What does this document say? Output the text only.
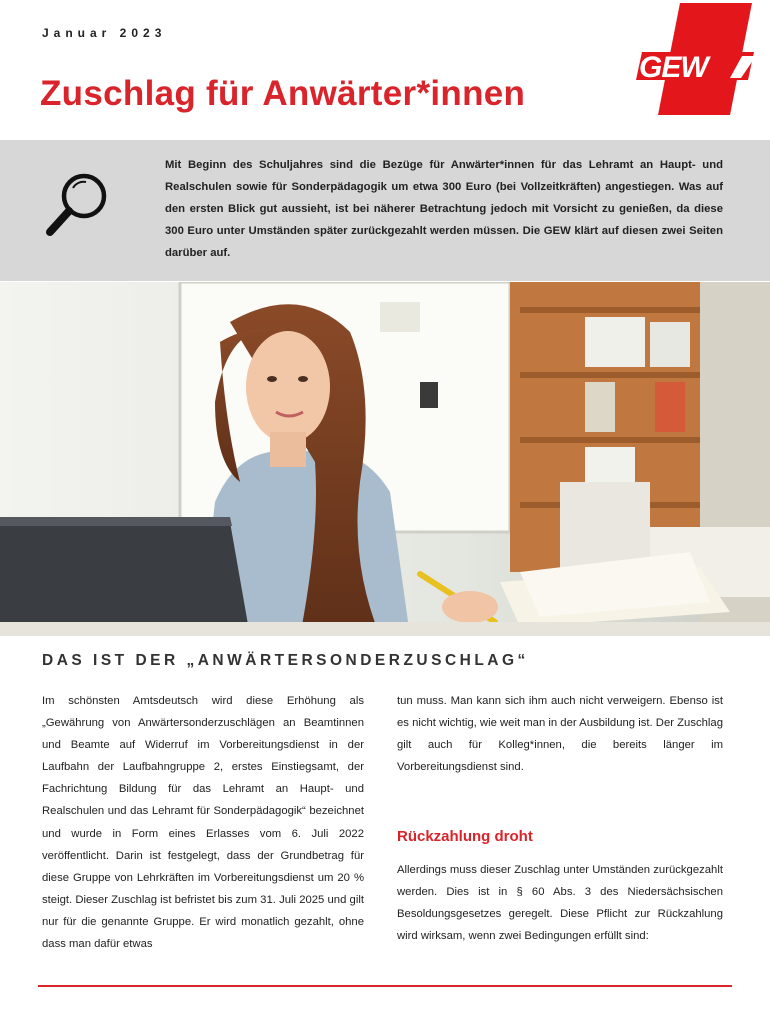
Januar 2023
Zuschlag für Anwärter*innen
GEW

Mit Beginn des Schuljahres sind die Bezüge für Anwärter*innen für das Lehramt an Haupt- und Realschulen sowie für Sonderpädagogik um etwa 300 Euro (bei Vollzeitkräften) angestiegen. Was auf den ersten Blick gut aussieht, ist bei näherer Betrachtung jedoch mit Vorsicht zu genießen, da diese 300 Euro unter Umständen später zurückgezahlt werden müssen. Die GEW klärt auf diesen zwei Seiten darüber auf.

DAS IST DER „ANWÄRTERSONDERZUSCHLAG“

Im schönsten Amtsdeutsch wird diese Erhöhung als „Gewährung von Anwärtersonderzuschlägen an Beamtinnen und Beamte auf Widerruf im Vorbereitungsdienst in der Laufbahn der Laufbahngruppe 2, erstes Einstiegsamt, der Fachrichtung Bildung für das Lehramt an Haupt- und Realschulen und das Lehramt für Sonderpädagogik“ bezeichnet und wurde in Form eines Erlasses vom 6. Juli 2022 veröffentlicht. Darin ist festgelegt, dass der Grundbetrag für diese Gruppe von Lehrkräften im Vorbereitungsdienst um 20 % steigt. Dieser Zuschlag ist befristet bis zum 31. Juli 2025 und gilt nur für die genannte Gruppe. Er wird monatlich gezahlt, ohne dass man dafür etwas

tun muss. Man kann sich ihm auch nicht verweigern. Ebenso ist es nicht wichtig, wie weit man in der Ausbildung ist. Der Zuschlag gilt auch für Kolleg*innen, die bereits länger im Vorbereitungsdienst sind.

Rückzahlung droht

Allerdings muss dieser Zuschlag unter Umständen zurückgezahlt werden. Dies ist in § 60 Abs. 3 des Niedersächsischen Besoldungsgesetzes geregelt. Diese Pflicht zur Rückzahlung wird wirksam, wenn zwei Bedingungen erfüllt sind:
